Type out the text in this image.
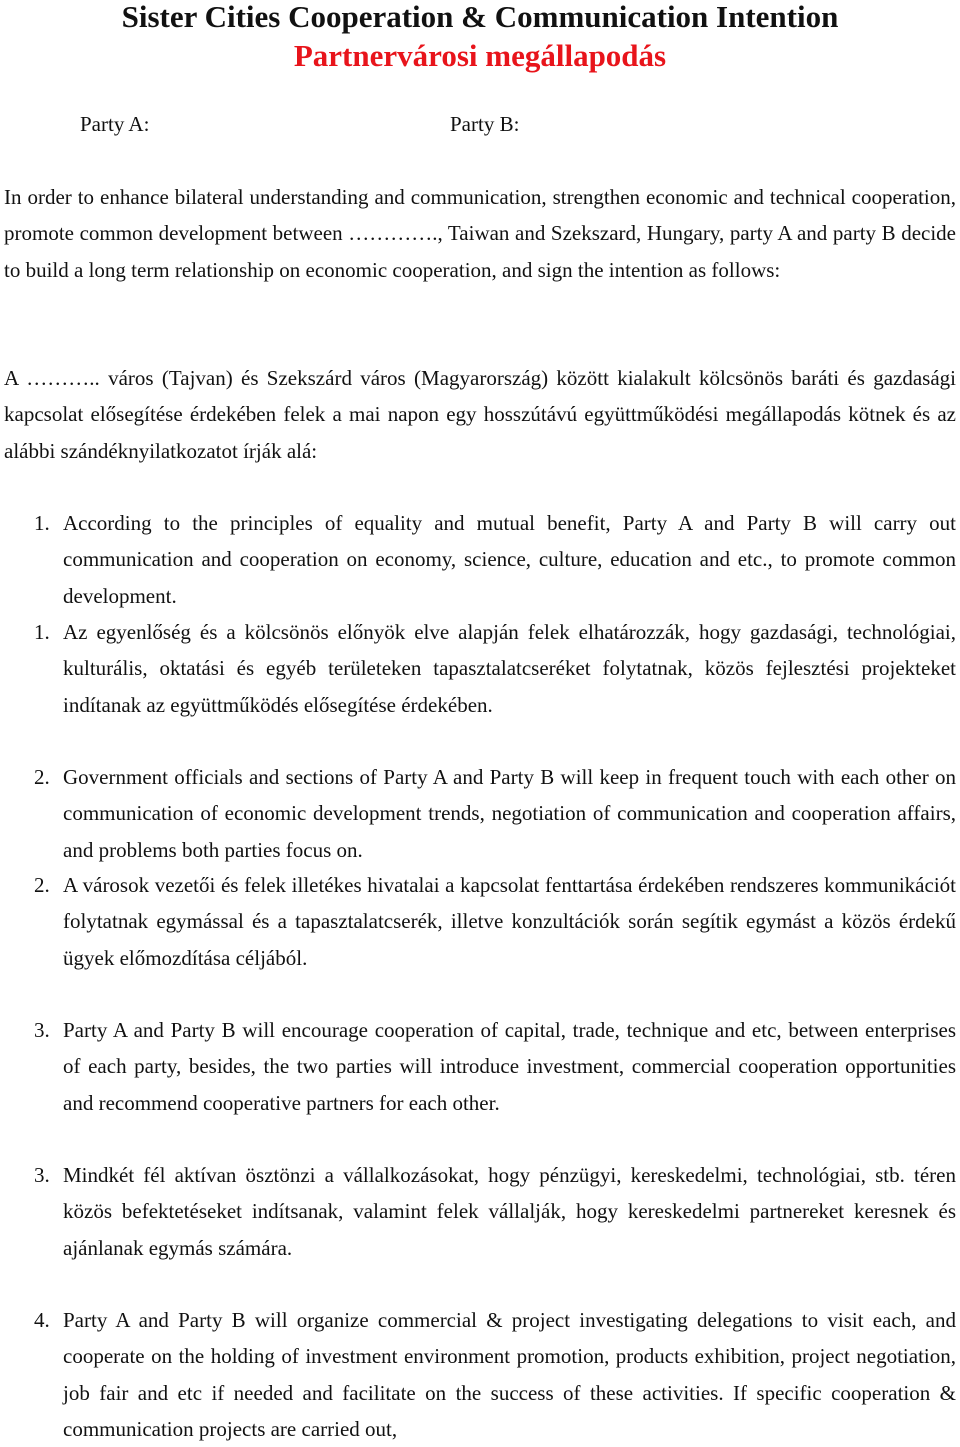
Sister Cities Cooperation & Communication Intention
Partnervárosi megállapodás
Party A:	Party B:
In order to enhance bilateral understanding and communication, strengthen economic and technical cooperation, promote common development between …………., Taiwan and Szekszard, Hungary, party A and party B decide to build a long term relationship on economic cooperation, and sign the intention as follows:
A ……….. város (Tajvan) és Szekszárd város (Magyarország) között kialakult kölcsönös baráti és gazdasági kapcsolat elősegítése érdekében felek a mai napon egy hosszútávú együttműködési megállapodás kötnek és az alábbi szándéknyilatkozatot írják alá:
1. According to the principles of equality and mutual benefit, Party A and Party B will carry out communication and cooperation on economy, science, culture, education and etc., to promote common development.
1. Az egyenlőség és a kölcsönös előnyök elve alapján felek elhatározzák, hogy gazdasági, technológiai, kulturális, oktatási és egyéb területeken tapasztalatcseréket folytatnak, közös fejlesztési projekteket indítanak az együttműködés elősegítése érdekében.
2. Government officials and sections of Party A and Party B will keep in frequent touch with each other on communication of economic development trends, negotiation of communication and cooperation affairs, and problems both parties focus on.
2. A városok vezetői és felek illetékes hivatalai a kapcsolat fenttartása érdekében rendszeres kommunikációt folytatnak egymással és a tapasztalatcserék, illetve konzultációk során segítik egymást a közös érdekű ügyek előmozdítása céljából.
3. Party A and Party B will encourage cooperation of capital, trade, technique and etc, between enterprises of each party, besides, the two parties will introduce investment, commercial cooperation opportunities and recommend cooperative partners for each other.
3. Mindkét fél aktívan ösztönzi a vállalkozásokat, hogy pénzügyi, kereskedelmi, technológiai, stb. téren közös befektetéseket indítsanak, valamint felek vállalják, hogy kereskedelmi partnereket keresnek és ajánlanak egymás számára.
4. Party A and Party B will organize commercial & project investigating delegations to visit each, and cooperate on the holding of investment environment promotion, products exhibition, project negotiation, job fair and etc if needed and facilitate on the success of these activities. If specific cooperation & communication projects are carried out,
